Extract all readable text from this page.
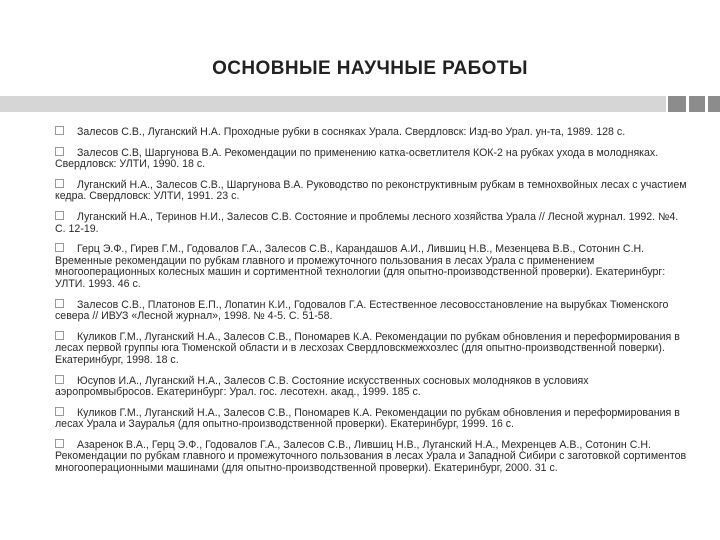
ОСНОВНЫЕ НАУЧНЫЕ РАБОТЫ

Залесов С.В., Луганский Н.А. Проходные рубки в сосняках Урала. Свердловск: Изд-во Урал. ун-та, 1989. 128 с.

Залесов С.В, Шаргунова В.А. Рекомендации по применению катка-осветлителя КОК-2 на рубках ухода в молодняках. Свердловск: УЛТИ, 1990. 18 с.

Луганский Н.А., Залесов С.В., Шаргунова В.А. Руководство по реконструктивным рубкам в темнохвойных лесах с участием кедра. Свердловск: УЛТИ, 1991. 23 с.

Луганский Н.А., Теринов Н.И., Залесов С.В. Состояние и проблемы лесного хозяйства Урала // Лесной журнал. 1992. №4. С. 12-19.

Герц Э.Ф., Гирев Г.М., Годовалов Г.А., Залесов С.В., Карандашов А.И., Лившиц Н.В., Мезенцева В.В., Сотонин С.Н. Временные рекомендации по рубкам главного и промежуточного пользования в лесах Урала с применением многооперационных колесных машин и сортиментной технологии (для опытно-производственной проверки). Екатеринбург: УЛТИ. 1993. 46 с.

Залесов С.В., Платонов Е.П., Лопатин К.И., Годовалов Г.А. Естественное лесовосстановление на вырубках Тюменского севера // ИВУЗ «Лесной журнал», 1998. № 4-5. С. 51-58.

Куликов Г.М., Луганский Н.А., Залесов С.В., Пономарев К.А. Рекомендации по рубкам обновления и переформирования в лесах первой группы юга Тюменской области и в лесхозах Свердловскмежхозлес (для опытно-производственной поверки). Екатеринбург, 1998. 18 с.

Юсупов И.А., Луганский Н.А., Залесов С.В. Состояние искусственных сосновых молодняков в условиях аэропромвыбросов. Екатеринбург: Урал. гос. лесотехн. акад., 1999. 185 с.

Куликов Г.М., Луганский Н.А., Залесов С.В., Пономарев К.А. Рекомендации по рубкам обновления и переформирования в лесах Урала и Зауралья (для опытно-производственной проверки). Екатеринбург, 1999. 16 с.

Азаренок В.А., Герц Э.Ф., Годовалов Г.А., Залесов С.В., Лившиц Н.В., Луганский Н.А., Мехренцев А.В., Сотонин С.Н. Рекомендации по рубкам главного и промежуточного пользования в лесах Урала и Западной Сибири с заготовкой сортиментов многооперационными машинами (для опытно-производственной проверки). Екатеринбург, 2000. 31 с.
